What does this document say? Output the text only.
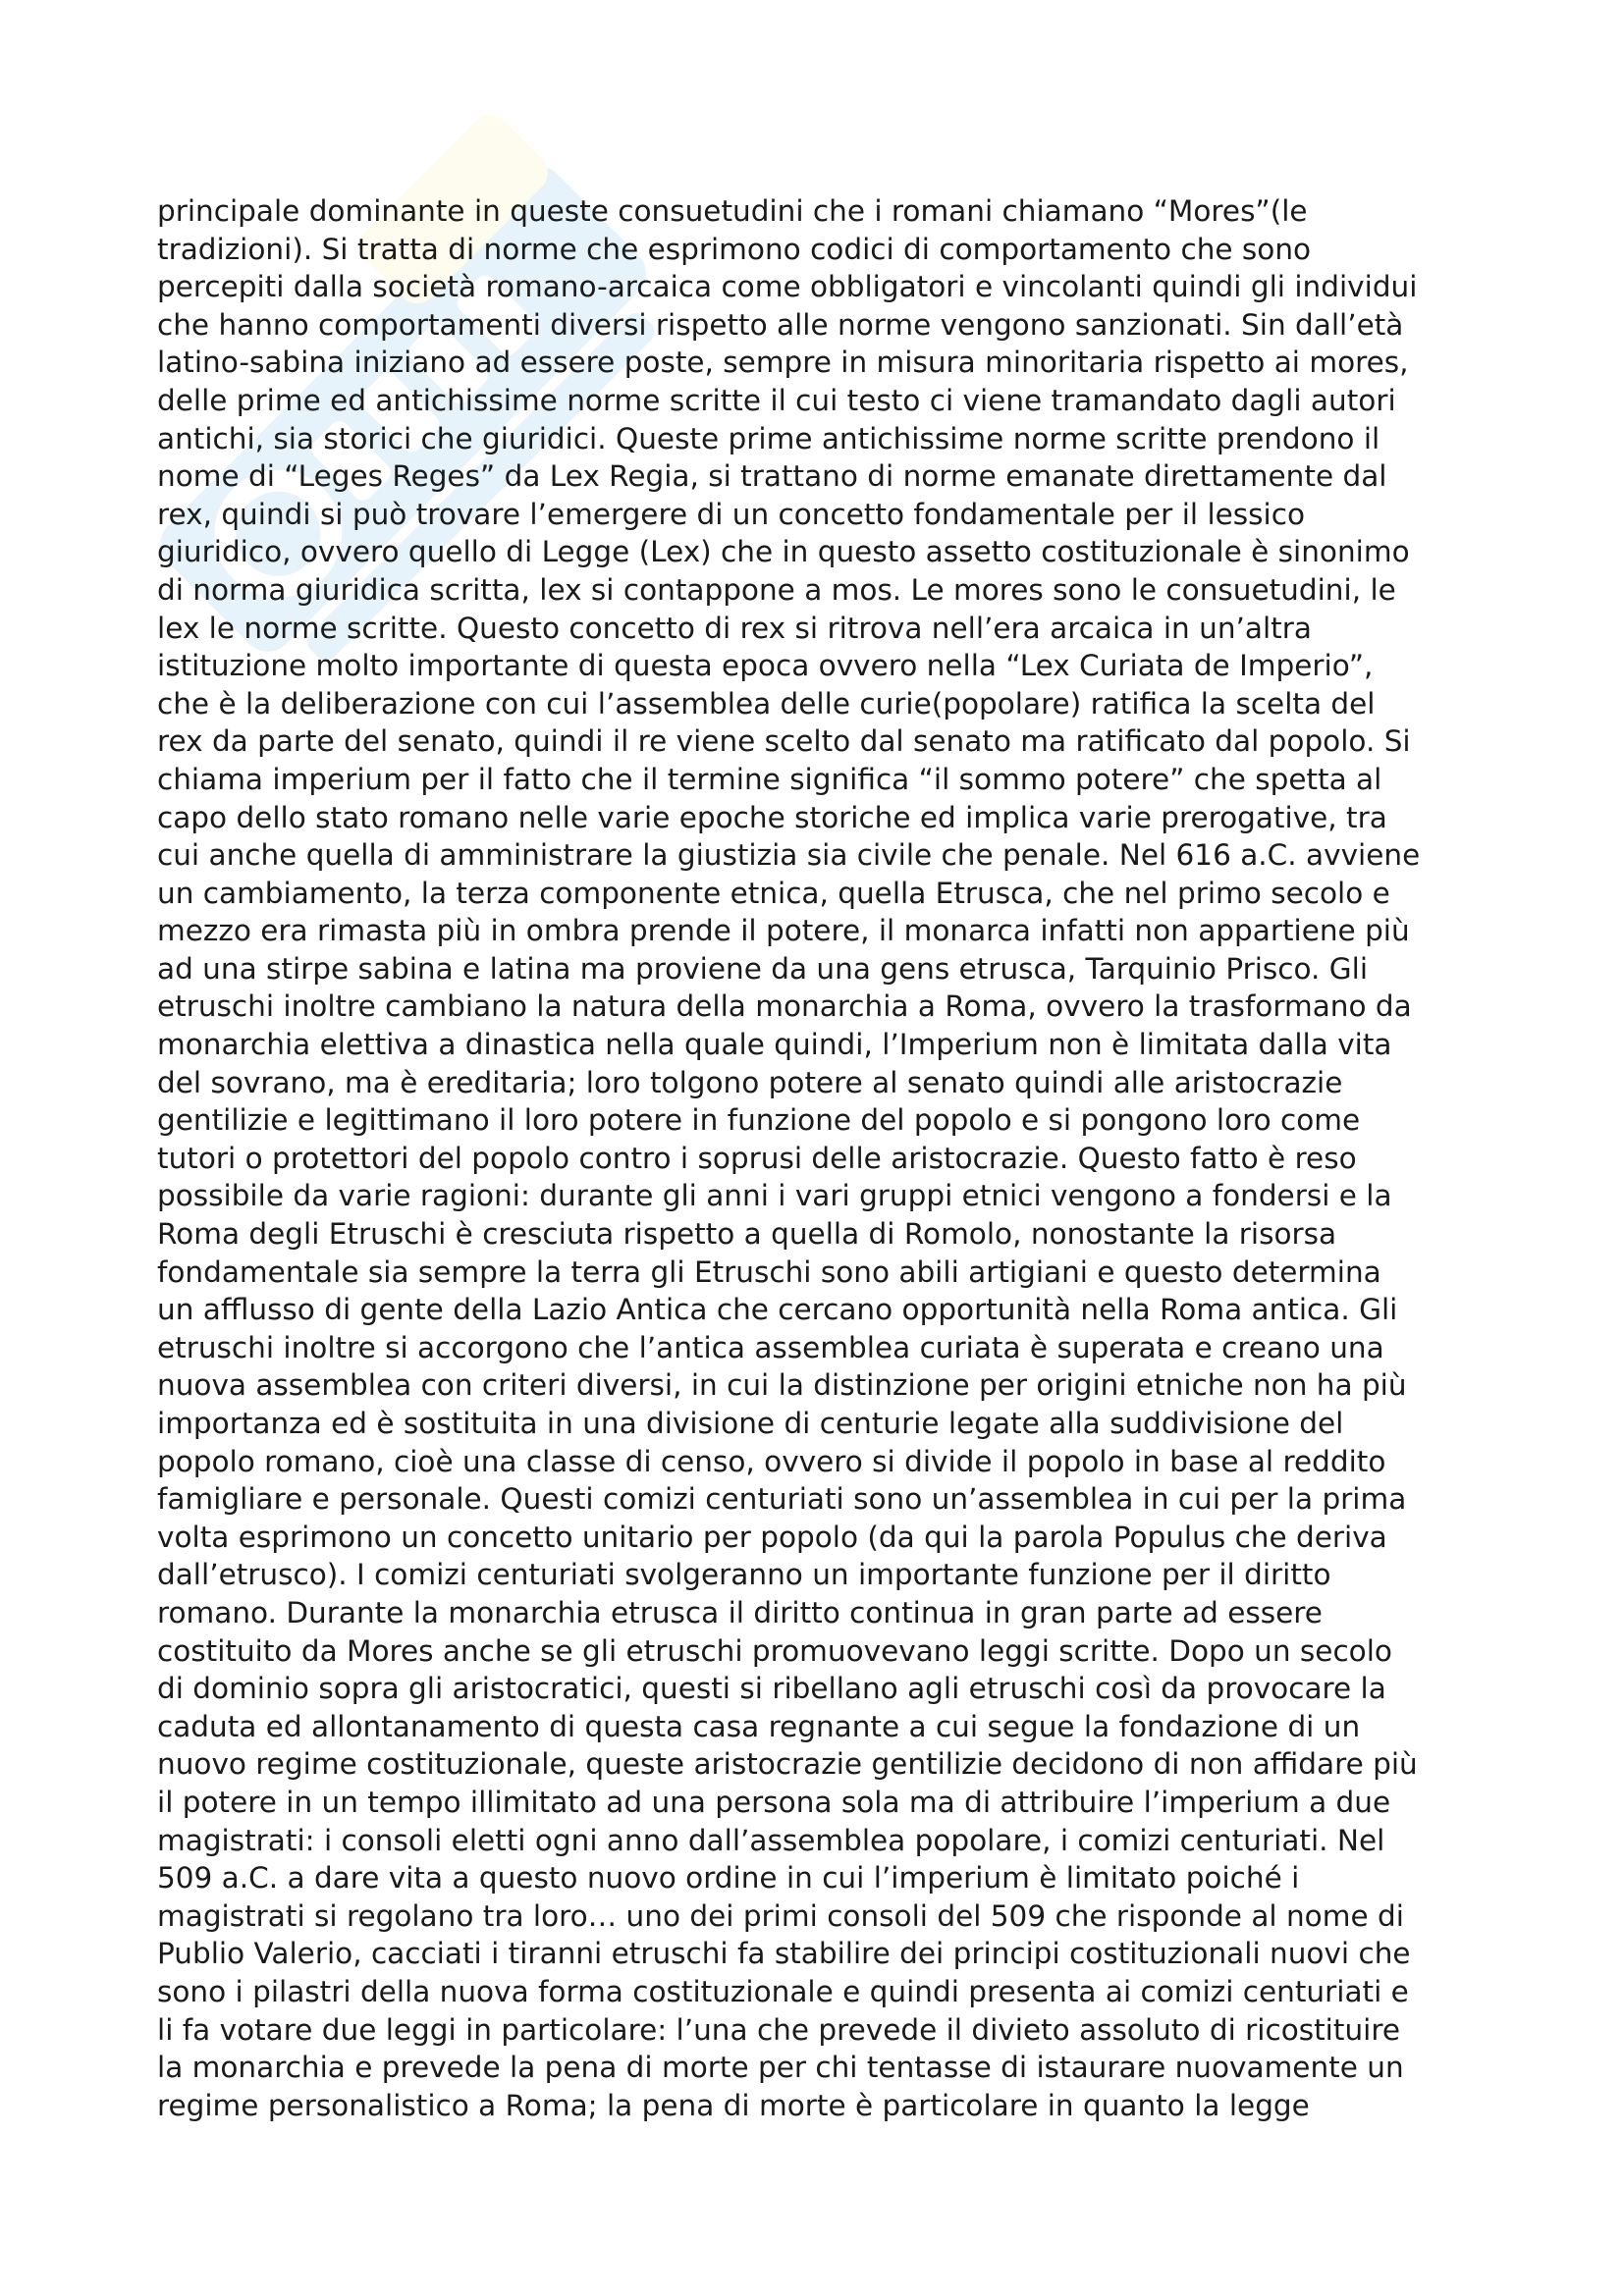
principale dominante in queste consuetudini che i romani chiamano “Mores”(le
tradizioni). Si tratta di norme che esprimono codici di comportamento che sono
percepiti dalla società romano-arcaica come obbligatori e vincolanti quindi gli individui
che hanno comportamenti diversi rispetto alle norme vengono sanzionati. Sin dall’età
latino-sabina iniziano ad essere poste, sempre in misura minoritaria rispetto ai mores,
delle prime ed antichissime norme scritte il cui testo ci viene tramandato dagli autori
antichi, sia storici che giuridici. Queste prime antichissime norme scritte prendono il
nome di “Leges Reges” da Lex Regia, si trattano di norme emanate direttamente dal
rex, quindi si può trovare l’emergere di un concetto fondamentale per il lessico
giuridico, ovvero quello di Legge (Lex) che in questo assetto costituzionale è sinonimo
di norma giuridica scritta, lex si contappone a mos. Le mores sono le consuetudini, le
lex le norme scritte. Questo concetto di rex si ritrova nell’era arcaica in un’altra
istituzione molto importante di questa epoca ovvero nella “Lex Curiata de Imperio”,
che è la deliberazione con cui l’assemblea delle curie(popolare) ratifica la scelta del
rex da parte del senato, quindi il re viene scelto dal senato ma ratificato dal popolo. Si
chiama imperium per il fatto che il termine significa “il sommo potere” che spetta al
capo dello stato romano nelle varie epoche storiche ed implica varie prerogative, tra
cui anche quella di amministrare la giustizia sia civile che penale. Nel 616 a.C. avviene
un cambiamento, la terza componente etnica, quella Etrusca, che nel primo secolo e
mezzo era rimasta più in ombra prende il potere, il monarca infatti non appartiene più
ad una stirpe sabina e latina ma proviene da una gens etrusca, Tarquinio Prisco. Gli
etruschi inoltre cambiano la natura della monarchia a Roma, ovvero la trasformano da
monarchia elettiva a dinastica nella quale quindi, l’Imperium non è limitata dalla vita
del sovrano, ma è ereditaria; loro tolgono potere al senato quindi alle aristocrazie
gentilizie e legittimano il loro potere in funzione del popolo e si pongono loro come
tutori o protettori del popolo contro i soprusi delle aristocrazie. Questo fatto è reso
possibile da varie ragioni: durante gli anni i vari gruppi etnici vengono a fondersi e la
Roma degli Etruschi è cresciuta rispetto a quella di Romolo, nonostante la risorsa
fondamentale sia sempre la terra gli Etruschi sono abili artigiani e questo determina
un afflusso di gente della Lazio Antica che cercano opportunità nella Roma antica. Gli
etruschi inoltre si accorgono che l’antica assemblea curiata è superata e creano una
nuova assemblea con criteri diversi, in cui la distinzione per origini etniche non ha più
importanza ed è sostituita in una divisione di centurie legate alla suddivisione del
popolo romano, cioè una classe di censo, ovvero si divide il popolo in base al reddito
famigliare e personale. Questi comizi centuriati sono un’assemblea in cui per la prima
volta esprimono un concetto unitario per popolo (da qui la parola Populus che deriva
dall’etrusco). I comizi centuriati svolgeranno un importante funzione per il diritto
romano. Durante la monarchia etrusca il diritto continua in gran parte ad essere
costituito da Mores anche se gli etruschi promuovevano leggi scritte. Dopo un secolo
di dominio sopra gli aristocratici, questi si ribellano agli etruschi così da provocare la
caduta ed allontanamento di questa casa regnante a cui segue la fondazione di un
nuovo regime costituzionale, queste aristocrazie gentilizie decidono di non affidare più
il potere in un tempo illimitato ad una persona sola ma di attribuire l’imperium a due
magistrati: i consoli eletti ogni anno dall’assemblea popolare, i comizi centuriati. Nel
509 a.C. a dare vita a questo nuovo ordine in cui l’imperium è limitato poiché i
magistrati si regolano tra loro… uno dei primi consoli del 509 che risponde al nome di
Publio Valerio, cacciati i tiranni etruschi fa stabilire dei principi costituzionali nuovi che
sono i pilastri della nuova forma costituzionale e quindi presenta ai comizi centuriati e
li fa votare due leggi in particolare: l’una che prevede il divieto assoluto di ricostituire
la monarchia e prevede la pena di morte per chi tentasse di istaurare nuovamente un
regime personalistico a Roma; la pena di morte è particolare in quanto la legge
